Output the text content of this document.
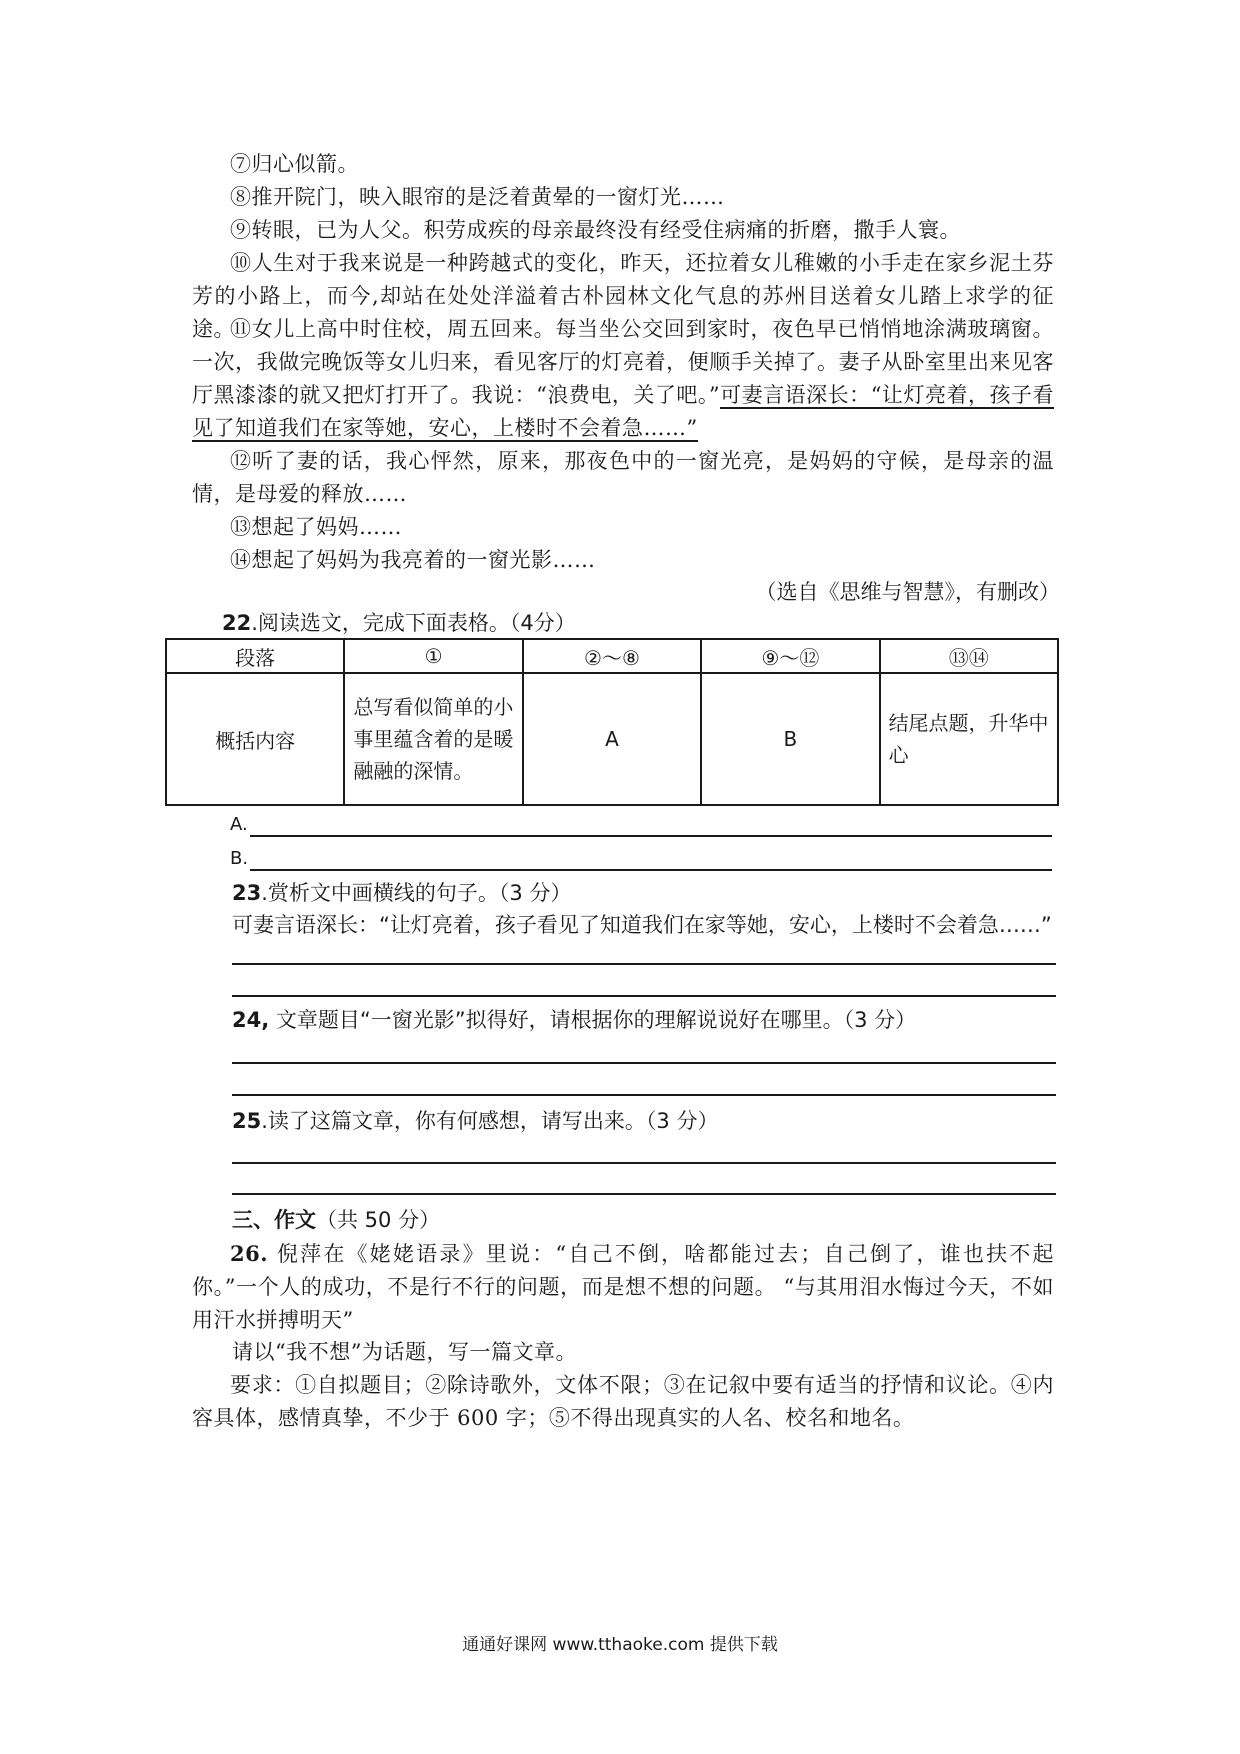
⑦归心似箭。

⑧推开院门，映入眼帘的是泛着黄晕的一窗灯光……

⑨转眼，已为人父。积劳成疾的母亲最终没有经受住病痛的折磨，撒手人寰。

⑩人生对于我来说是一种跨越式的变化，昨天，还拉着女儿稚嫩的小手走在家乡泥土芬芳的小路上，而今,却站在处处洋溢着古朴园林文化气息的苏州目送着女儿踏上求学的征途。

⑪女儿上高中时住校，周五回来。每当坐公交回到家时，夜色早已悄悄地涂满玻璃窗。一次，我做完晚饭等女儿归来，看见客厅的灯亮着，便顺手关掉了。妻子从卧室里出来见客厅黑漆漆的就又把灯打开了。我说：“浪费电，关了吧。”可妻言语深长：“让灯亮着，孩子看见了知道我们在家等她，安心，上楼时不会着急……”

⑫听了妻的话，我心怦然，原来，那夜色中的一窗光亮，是妈妈的守候，是母亲的温情，是母爱的释放……

⑬想起了妈妈……

⑭想起了妈妈为我亮着的一窗光影……

（选自《思维与智慧》，有删改）
22.阅读选文，完成下面表格。（4分）
段落	①	②～⑧	⑨～⑫	⑬⑭
概括内容	总写看似简单的小事里蕴含着的是暖融融的深情。	A	B	结尾点题，升华中心
A.
B.
23.赏析文中画横线的句子。（3 分）
可妻言语深长：“让灯亮着，孩子看见了知道我们在家等她，安心，上楼时不会着急……”
24, 文章题目“一窗光影”拟得好，请根据你的理解说说好在哪里。（3 分）
25.读了这篇文章，你有何感想，请写出来。（3 分）
三、作文（共 50 分）

26. 倪萍在《姥姥语录》里说：“自己不倒，啥都能过去；自己倒了，谁也扶不起你。”一个人的成功，不是行不行的问题，而是想不想的问题。 “与其用泪水悔过今天，不如用汗水拼搏明天”

请以“我不想”为话题，写一篇文章。

要求：①自拟题目；②除诗歌外，文体不限；③在记叙中要有适当的抒情和议论。④内容具体，感情真挚，不少于 600 字；⑤不得出现真实的人名、校名和地名。

通通好课网 www.tthaoke.com 提供下载
